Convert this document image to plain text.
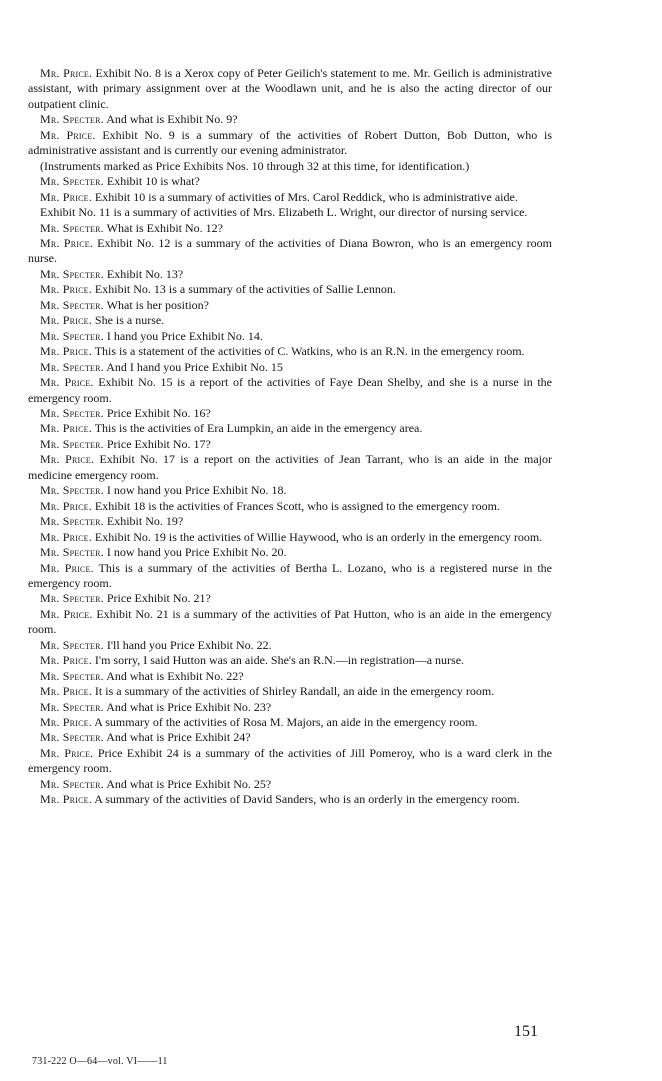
Mr. Price. Exhibit No. 8 is a Xerox copy of Peter Geilich's statement to me. Mr. Geilich is administrative assistant, with primary assignment over at the Woodlawn unit, and he is also the acting director of our outpatient clinic.

Mr. Specter. And what is Exhibit No. 9?

Mr. Price. Exhibit No. 9 is a summary of the activities of Robert Dutton, Bob Dutton, who is administrative assistant and is currently our evening administrator.

(Instruments marked as Price Exhibits Nos. 10 through 32 at this time, for identification.)

Mr. Specter. Exhibit 10 is what?

Mr. Price. Exhibit 10 is a summary of activities of Mrs. Carol Reddick, who is administrative aide.

Exhibit No. 11 is a summary of activities of Mrs. Elizabeth L. Wright, our director of nursing service.

Mr. Specter. What is Exhibit No. 12?

Mr. Price. Exhibit No. 12 is a summary of the activities of Diana Bowron, who is an emergency room nurse.

Mr. Specter. Exhibit No. 13?

Mr. Price. Exhibit No. 13 is a summary of the activities of Sallie Lennon.

Mr. Specter. What is her position?

Mr. Price. She is a nurse.

Mr. Specter. I hand you Price Exhibit No. 14.

Mr. Price. This is a statement of the activities of C. Watkins, who is an R.N. in the emergency room.

Mr. Specter. And I hand you Price Exhibit No. 15

Mr. Price. Exhibit No. 15 is a report of the activities of Faye Dean Shelby, and she is a nurse in the emergency room.

Mr. Specter. Price Exhibit No. 16?

Mr. Price. This is the activities of Era Lumpkin, an aide in the emergency area.

Mr. Specter. Price Exhibit No. 17?

Mr. Price. Exhibit No. 17 is a report on the activities of Jean Tarrant, who is an aide in the major medicine emergency room.

Mr. Specter. I now hand you Price Exhibit No. 18.

Mr. Price. Exhibit 18 is the activities of Frances Scott, who is assigned to the emergency room.

Mr. Specter. Exhibit No. 19?

Mr. Price. Exhibit No. 19 is the activities of Willie Haywood, who is an orderly in the emergency room.

Mr. Specter. I now hand you Price Exhibit No. 20.

Mr. Price. This is a summary of the activities of Bertha L. Lozano, who is a registered nurse in the emergency room.

Mr. Specter. Price Exhibit No. 21?

Mr. Price. Exhibit No. 21 is a summary of the activities of Pat Hutton, who is an aide in the emergency room.

Mr. Specter. I'll hand you Price Exhibit No. 22.

Mr. Price. I'm sorry, I said Hutton was an aide. She's an R.N.—in registration—a nurse.

Mr. Specter. And what is Exhibit No. 22?

Mr. Price. It is a summary of the activities of Shirley Randall, an aide in the emergency room.

Mr. Specter. And what is Price Exhibit No. 23?

Mr. Price. A summary of the activities of Rosa M. Majors, an aide in the emergency room.

Mr. Specter. And what is Price Exhibit 24?

Mr. Price. Price Exhibit 24 is a summary of the activities of Jill Pomeroy, who is a ward clerk in the emergency room.

Mr. Specter. And what is Price Exhibit No. 25?

Mr. Price. A summary of the activities of David Sanders, who is an orderly in the emergency room.

151
731-222 O—64—vol. VI——11
